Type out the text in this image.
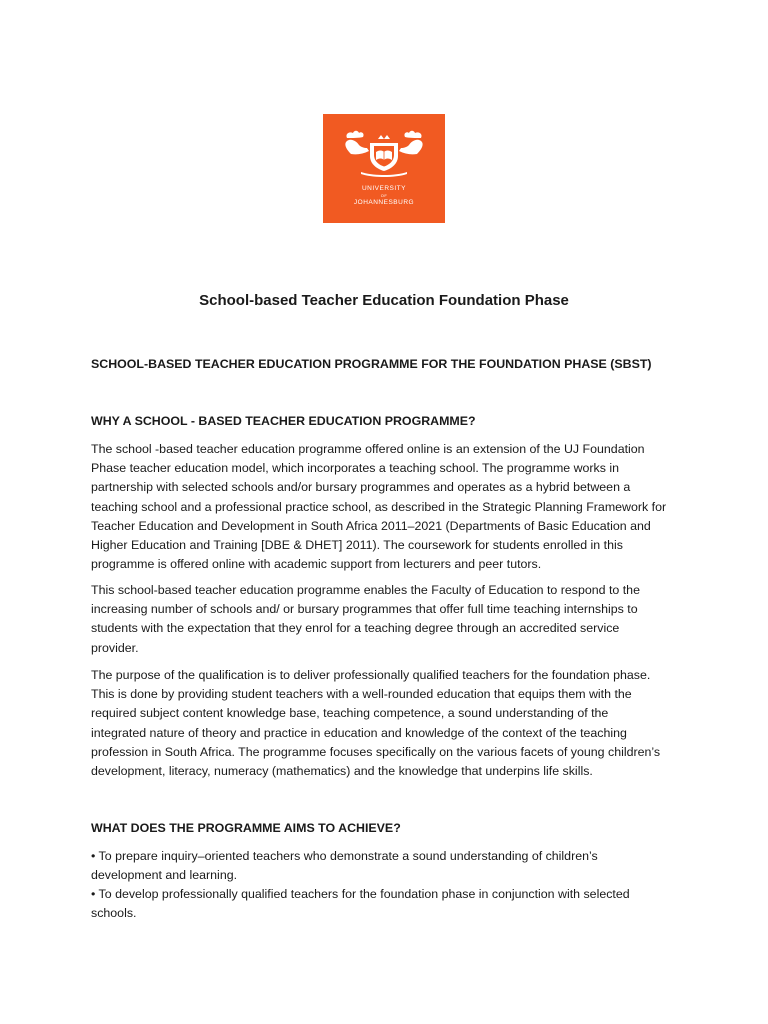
UNIVERSITY
OF
JOHANNESBURG
School-based Teacher Education Foundation Phase
SCHOOL-BASED TEACHER EDUCATION PROGRAMME FOR THE FOUNDATION PHASE (SBST)
WHY A SCHOOL - BASED TEACHER EDUCATION PROGRAMME?
The school -based teacher education programme offered online is an extension of the UJ Foundation
Phase teacher education model, which incorporates a teaching school. The programme works in
partnership with selected schools and/or bursary programmes and operates as a hybrid between a
teaching school and a professional practice school, as described in the Strategic Planning Framework for
Teacher Education and Development in South Africa 2011–2021 (Departments of Basic Education and
Higher Education and Training [DBE & DHET] 2011). The coursework for students enrolled in this
programme is offered online with academic support from lecturers and peer tutors.
This school-based teacher education programme enables the Faculty of Education to respond to the
increasing number of schools and/ or bursary programmes that offer full time teaching internships to
students with the expectation that they enrol for a teaching degree through an accredited service
provider.
The purpose of the qualification is to deliver professionally qualified teachers for the foundation phase.
This is done by providing student teachers with a well-rounded education that equips them with the
required subject content knowledge base, teaching competence, a sound understanding of the
integrated nature of theory and practice in education and knowledge of the context of the teaching
profession in South Africa. The programme focuses specifically on the various facets of young children’s
development, literacy, numeracy (mathematics) and the knowledge that underpins life skills.
WHAT DOES THE PROGRAMME AIMS TO ACHIEVE?
• To prepare inquiry–oriented teachers who demonstrate a sound understanding of children’s
development and learning.
• To develop professionally qualified teachers for the foundation phase in conjunction with selected
schools.
